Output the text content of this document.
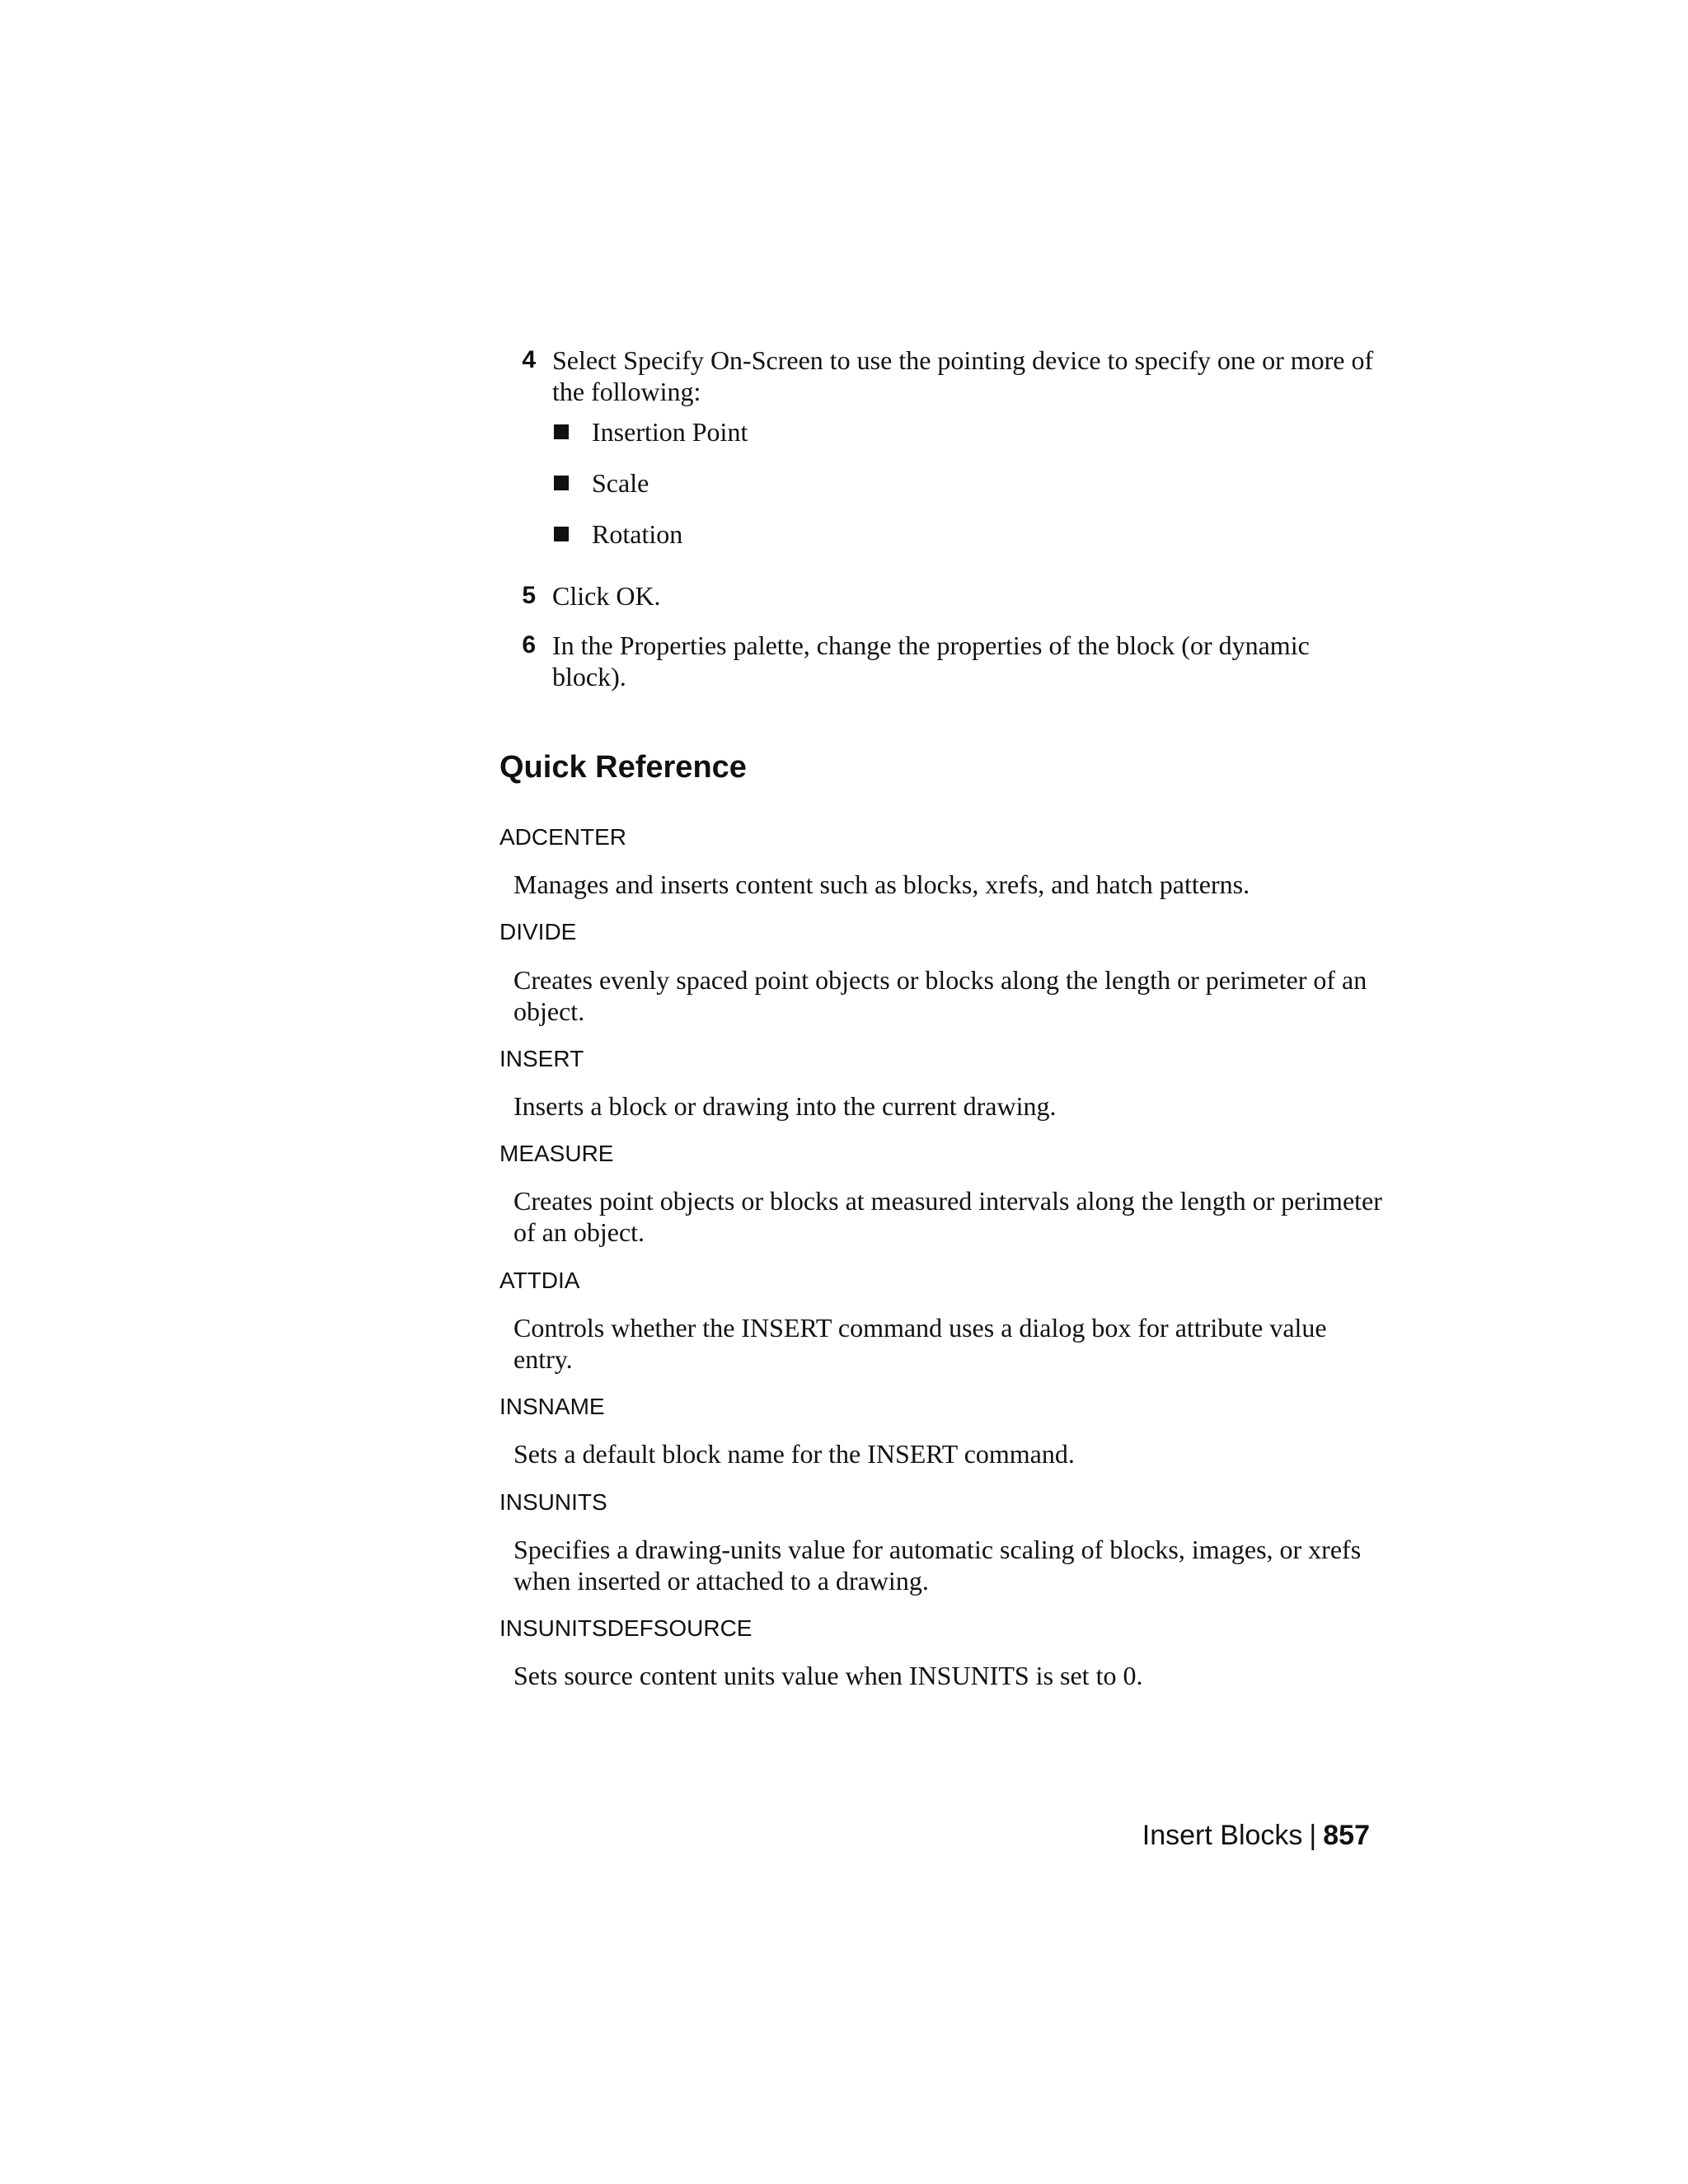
4 Select Specify On-Screen to use the pointing device to specify one or more of the following:
Insertion Point
Scale
Rotation
5 Click OK.
6 In the Properties palette, change the properties of the block (or dynamic block).
Quick Reference
ADCENTER
Manages and inserts content such as blocks, xrefs, and hatch patterns.
DIVIDE
Creates evenly spaced point objects or blocks along the length or perimeter of an object.
INSERT
Inserts a block or drawing into the current drawing.
MEASURE
Creates point objects or blocks at measured intervals along the length or perimeter of an object.
ATTDIA
Controls whether the INSERT command uses a dialog box for attribute value entry.
INSNAME
Sets a default block name for the INSERT command.
INSUNITS
Specifies a drawing-units value for automatic scaling of blocks, images, or xrefs when inserted or attached to a drawing.
INSUNITSDEFSOURCE
Sets source content units value when INSUNITS is set to 0.
Insert Blocks | 857
